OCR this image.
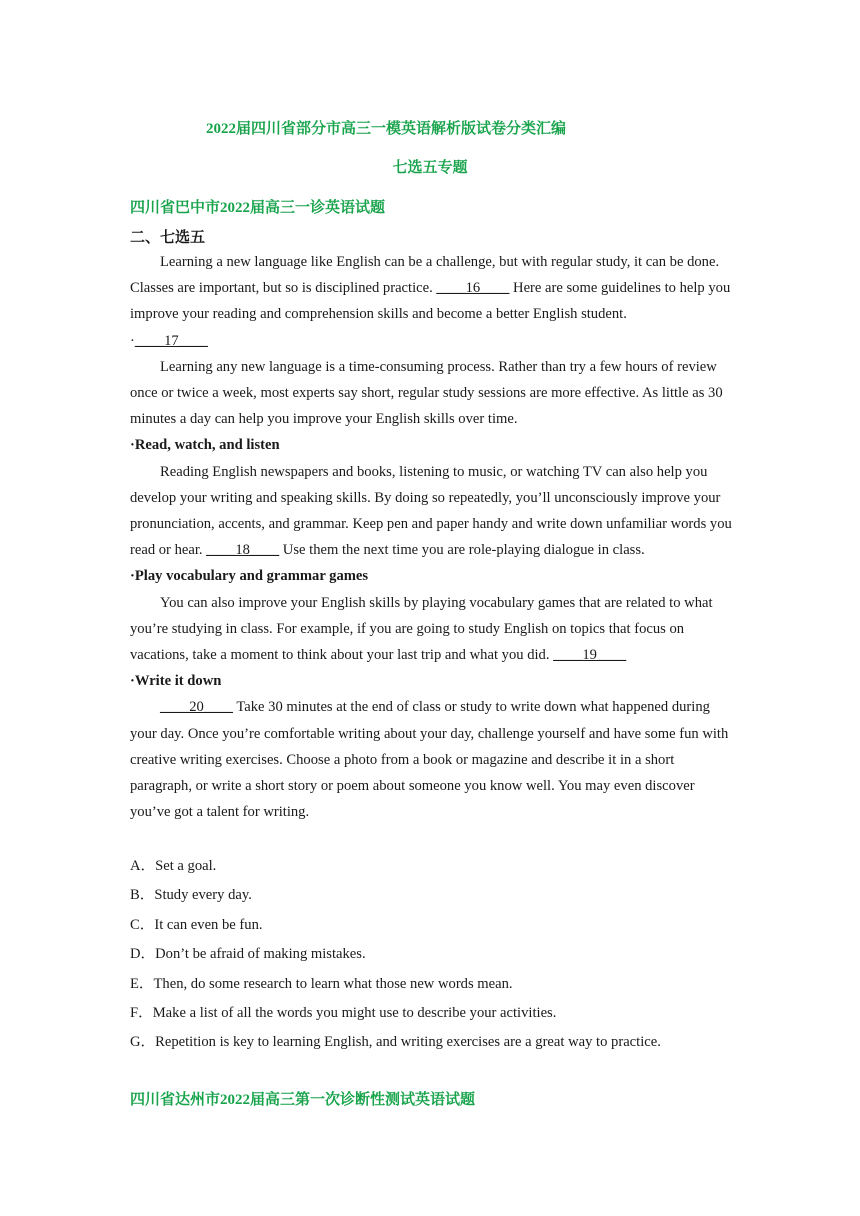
2022届四川省部分市高三一模英语解析版试卷分类汇编
七选五专题
四川省巴中市2022届高三一诊英语试题
二、七选五

Learning a new language like English can be a challenge, but with regular study, it can be done. Classes are important, but so is disciplined practice. ____16____ Here are some guidelines to help you improve your reading and comprehension skills and become a better English student.

·____17____

Learning any new language is a time-consuming process. Rather than try a few hours of review once or twice a week, most experts say short, regular study sessions are more effective. As little as 30 minutes a day can help you improve your English skills over time.

·Read, watch, and listen

Reading English newspapers and books, listening to music, or watching TV can also help you develop your writing and speaking skills. By doing so repeatedly, you’ll unconsciously improve your pronunciation, accents, and grammar. Keep pen and paper handy and write down unfamiliar words you read or hear. ____18____ Use them the next time you are role-playing dialogue in class.

·Play vocabulary and grammar games

You can also improve your English skills by playing vocabulary games that are related to what you’re studying in class. For example, if you are going to study English on topics that focus on vacations, take a moment to think about your last trip and what you did. ____19____

·Write it down

____20____ Take 30 minutes at the end of class or study to write down what happened during your day. Once you’re comfortable writing about your day, challenge yourself and have some fun with creative writing exercises. Choose a photo from a book or magazine and describe it in a short paragraph, or write a short story or poem about someone you know well. You may even discover you’ve got a talent for writing.

A．Set a goal.
B．Study every day.
C．It can even be fun.
D．Don’t be afraid of making mistakes.
E．Then, do some research to learn what those new words mean.
F．Make a list of all the words you might use to describe your activities.
G．Repetition is key to learning English, and writing exercises are a great way to practice.
四川省达州市2022届高三第一次诊断性测试英语试题
